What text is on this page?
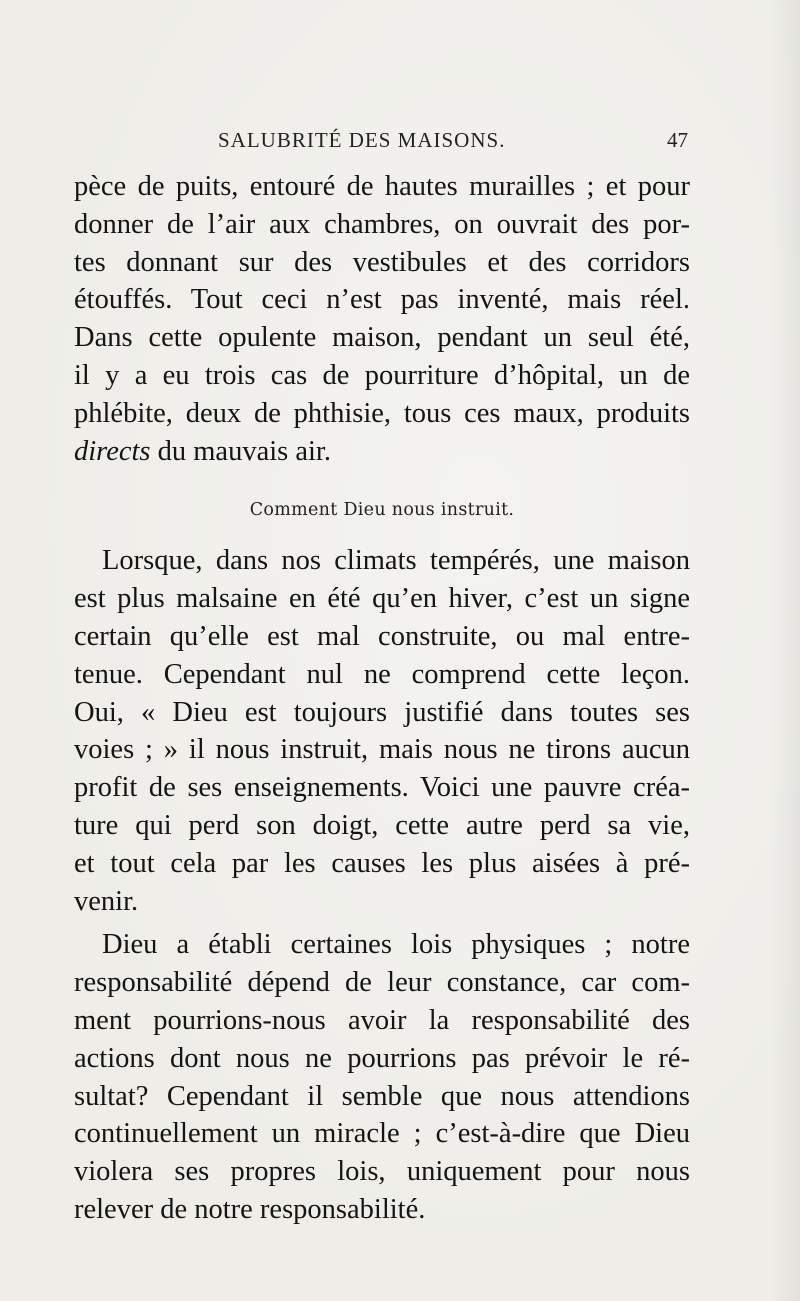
SALUBRITÉ DES MAISONS.	47
pèce de puits, entouré de hautes murailles ; et pour
donner de l’air aux chambres, on ouvrait des por-
tes donnant sur des vestibules et des corridors
étouffés. Tout ceci n’est pas inventé, mais réel.
Dans cette opulente maison, pendant un seul été,
il y a eu trois cas de pourriture d’hôpital, un de
phlébite, deux de phthisie, tous ces maux, produits
directs du mauvais air.
Comment Dieu nous instruit.
Lorsque, dans nos climats tempérés, une maison
est plus malsaine en été qu’en hiver, c’est un signe
certain qu’elle est mal construite, ou mal entre-
tenue. Cependant nul ne comprend cette leçon.
Oui, « Dieu est toujours justifié dans toutes ses
voies ; » il nous instruit, mais nous ne tirons aucun
profit de ses enseignements. Voici une pauvre créa-
ture qui perd son doigt, cette autre perd sa vie,
et tout cela par les causes les plus aisées à pré-
venir.
Dieu a établi certaines lois physiques ; notre
responsabilité dépend de leur constance, car com-
ment pourrions-nous avoir la responsabilité des
actions dont nous ne pourrions pas prévoir le ré-
sultat? Cependant il semble que nous attendions
continuellement un miracle ; c’est-à-dire que Dieu
violera ses propres lois, uniquement pour nous
relever de notre responsabilité.
